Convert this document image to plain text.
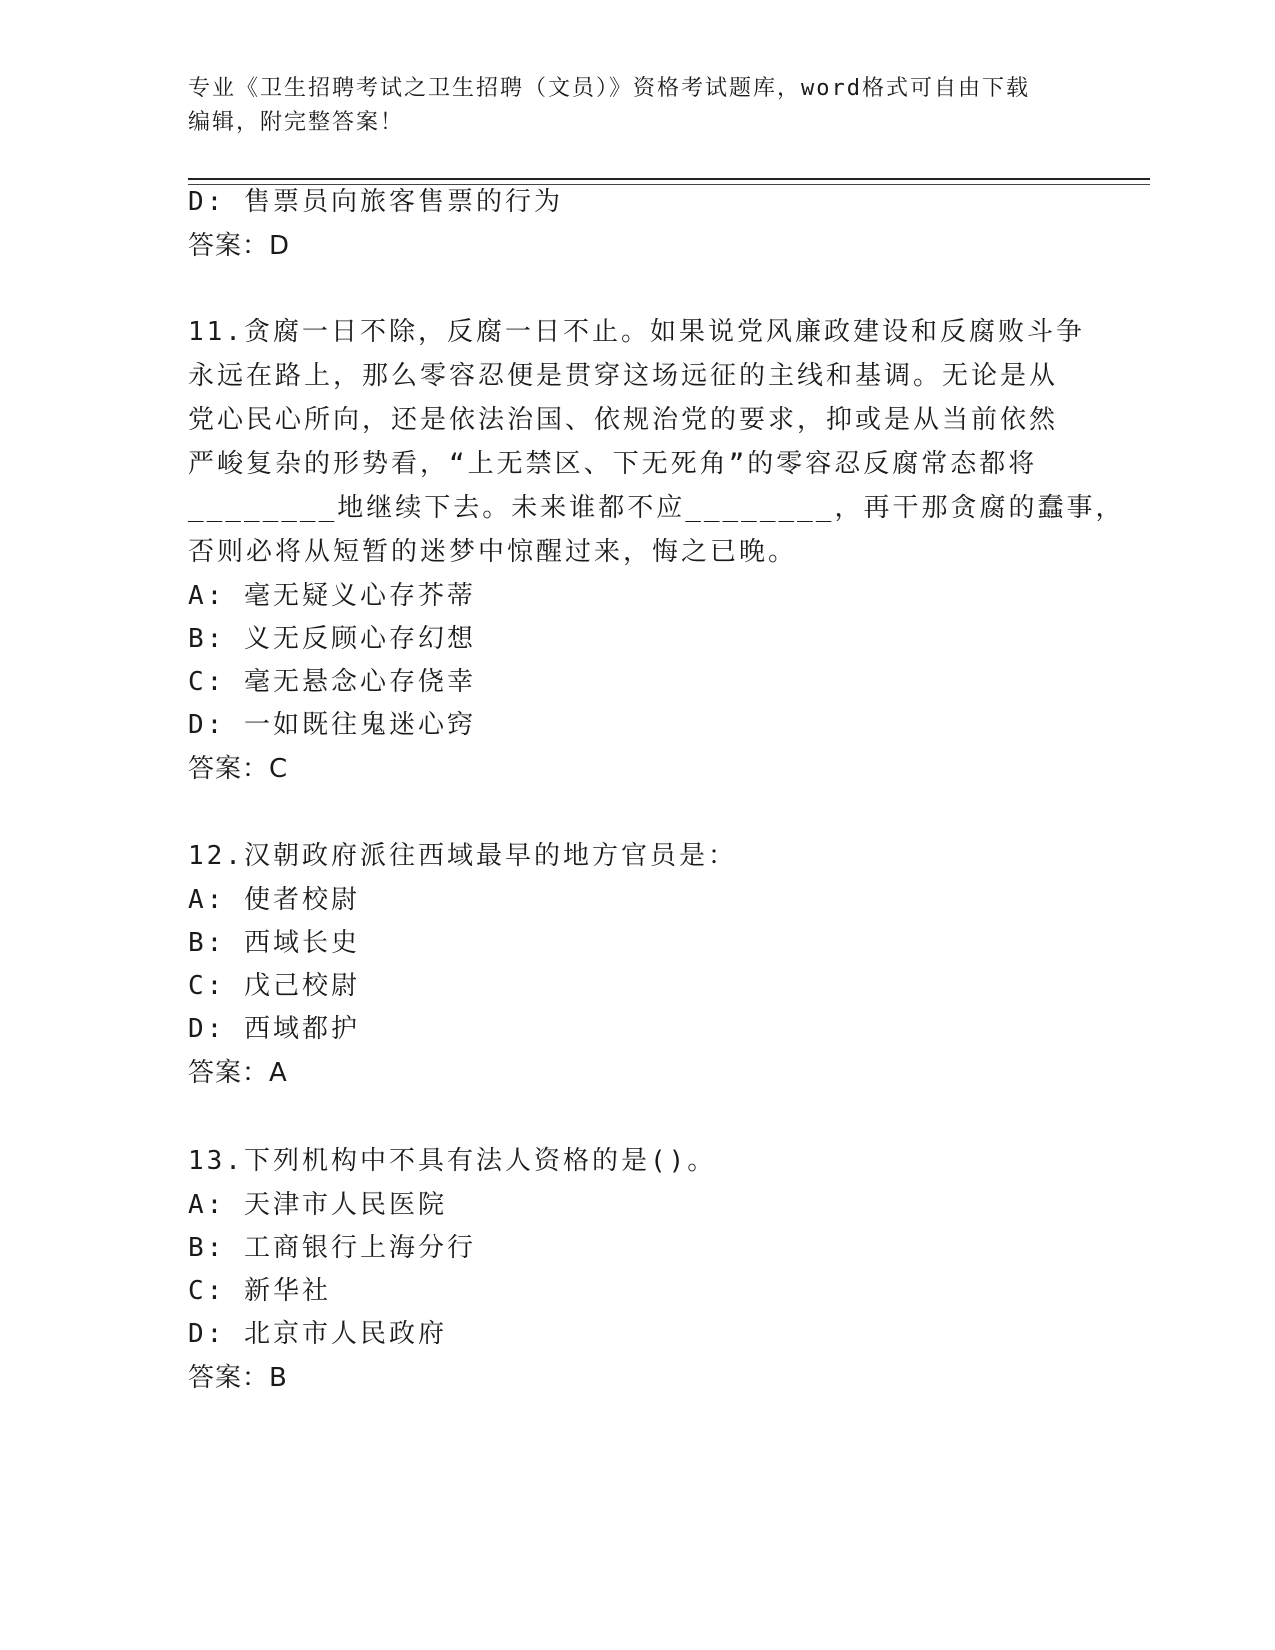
专业《卫生招聘考试之卫生招聘（文员）》资格考试题库，word格式可自由下载
编辑，附完整答案！
D: 售票员向旅客售票的行为
答案：D
11.贪腐一日不除，反腐一日不止。如果说党风廉政建设和反腐败斗争
永远在路上，那么零容忍便是贯穿这场远征的主线和基调。无论是从
党心民心所向，还是依法治国、依规治党的要求，抑或是从当前依然
严峻复杂的形势看，“上无禁区、下无死角”的零容忍反腐常态都将
________地继续下去。未来谁都不应________，再干那贪腐的蠢事，
否则必将从短暂的迷梦中惊醒过来，悔之已晚。
A: 毫无疑义心存芥蒂
B: 义无反顾心存幻想
C: 毫无悬念心存侥幸
D: 一如既往鬼迷心窍
答案：C
12.汉朝政府派往西域最早的地方官员是：
A: 使者校尉
B: 西域长史
C: 戊己校尉
D: 西域都护
答案：A
13.下列机构中不具有法人资格的是()。
A: 天津市人民医院
B: 工商银行上海分行
C: 新华社
D: 北京市人民政府
答案：B
